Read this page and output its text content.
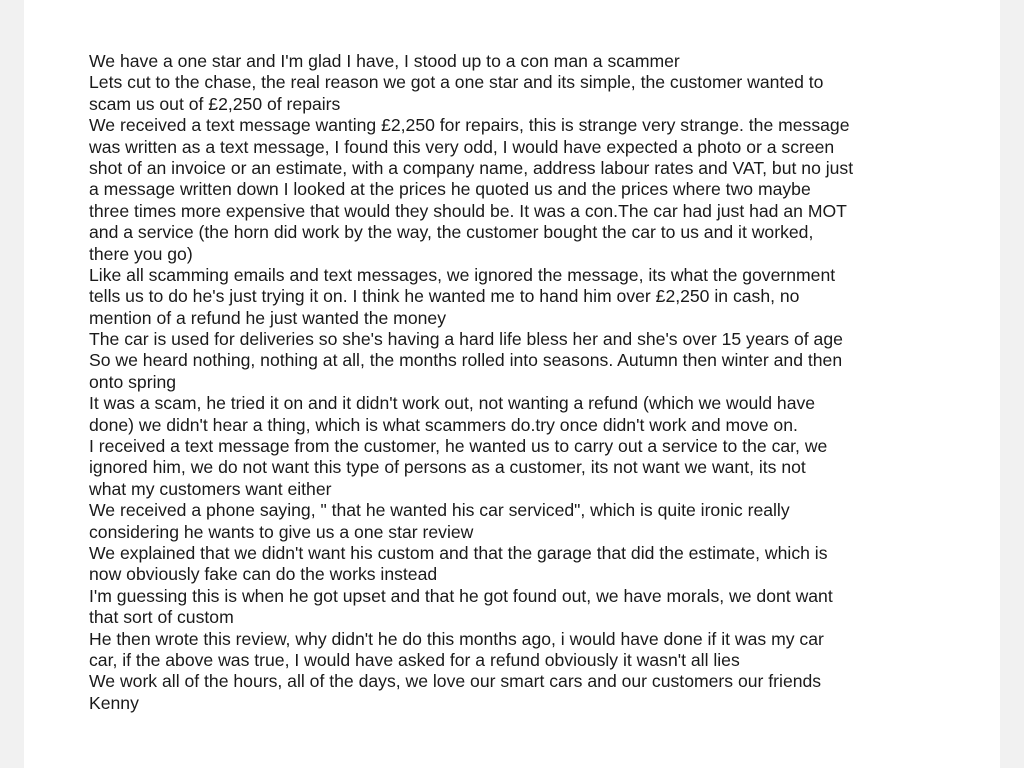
We have a one star and I'm glad I have, I stood up to a con man a scammer
Lets cut to the chase, the real reason we got a one star and its simple, the customer wanted to
scam us out of £2,250 of repairs
We received a text message wanting £2,250 for repairs, this is strange very strange. the message
was written as a text message, I found this very odd, I would have expected a photo or a screen
shot of an invoice or an estimate, with a company name, address labour rates and VAT, but no just
a message written down I looked at the prices he quoted us and the prices where two maybe
three times more expensive that would they should be. It was a con.The car had just had an MOT
and a service (the horn did work by the way, the customer bought the car to us and it worked,
there you go)
Like all scamming emails and text messages, we ignored the message, its what the government
tells us to do he's just trying it on. I think he wanted me to hand him over £2,250 in cash, no
mention of a refund he just wanted the money
The car is used for deliveries so she's having a hard life bless her and she's over 15 years of age
So we heard nothing, nothing at all, the months rolled into seasons. Autumn then winter and then
onto spring
It was a scam, he tried it on and it didn't work out, not wanting a refund (which we would have
done) we didn't hear a thing, which is what scammers do.try once didn't work and move on.
I received a text message from the customer, he wanted us to carry out a service to the car, we
ignored him, we do not want this type of persons as a customer, its not want we want, its not
what my customers want either
We received a phone saying, " that he wanted his car serviced", which is quite ironic really
considering he wants to give us a one star review
We explained that we didn't want his custom and that the garage that did the estimate, which is
now obviously fake can do the works instead
I'm guessing this is when he got upset and that he got found out, we have morals, we dont want
that sort of custom
He then wrote this review, why didn't he do this months ago, i would have done if it was my car
car, if the above was true, I would have asked for a refund obviously it wasn't all lies
We work all of the hours, all of the days, we love our smart cars and our customers our friends
Kenny
